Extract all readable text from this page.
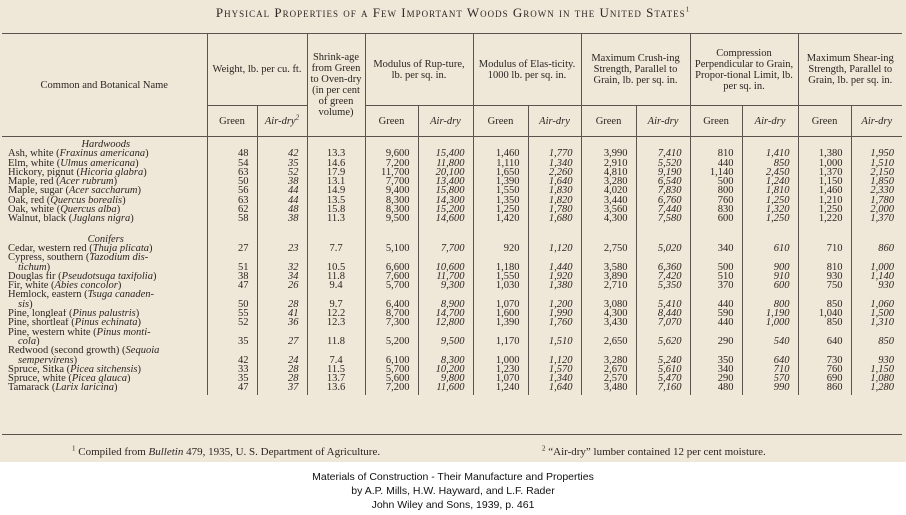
Physical Properties of a Few Important Woods Grown in the United States$^1$
Common and Botanical Name	Weight, lb. per cu. ft.		Shrink-age from Green to Oven-dry (in per cent of green volume)	Modulus of Rup-ture, lb. per sq. in.		Modulus of Elas-ticity. 1000 lb. per sq. in.		Maximum Crush-ing Strength, Parallel to Grain, lb. per sq. in.		Compression Perpendicular to Grain, Propor-tional Limit, lb. per sq. in.		Maximum Shear-ing Strength, Parallel to Grain, lb. per sq. in.	
	Green	Air-dry$^2$		Green	Air-dry	Green	Air-dry	Green	Air-dry	Green	Air-dry	Green	Air-dry
Hardwoods													

Ash, white (Fraxinus americana)	48	42	13.3	9,600	15,400	1,460	1,770	3,990	7,410	810	1,410	1,380	1,950

Elm, white (Ulmus americana)	54	35	14.6	7,200	11,800	1,110	1,340	2,910	5,520	440	850	1,000	1,510

Hickory, pignut (Hicoria glabra)	63	52	17.9	11,700	20,100	1,650	2,260	4,810	9,190	1,140	2,450	1,370	2,150

Maple, red (Acer rubrum)	50	38	13.1	7,700	13,400	1,390	1,640	3,280	6,540	500	1,240	1,150	1,850

Maple, sugar (Acer saccharum)	56	44	14.9	9,400	15,800	1,550	1,830	4,020	7,830	800	1,810	1,460	2,330

Oak, red (Quercus borealis)	63	44	13.5	8,300	14,300	1,350	1,820	3,440	6,760	760	1,250	1,210	1,780

Oak, white (Quercus alba)	62	48	15.8	8,300	15,200	1,250	1,780	3,560	7,440	830	1,320	1,250	2,000

Walnut, black (Juglans nigra)	58	38	11.3	9,500	14,600	1,420	1,680	4,300	7,580	600	1,250	1,220	1,370

Conifers													

Cedar, western red (Thuja plicata)	27	23	7.7	5,100	7,700	920	1,120	2,750	5,020	340	610	710	860

Cypress, southern (Tazodium dis-
tichum)	51	32	10.5	6,600	10,600	1,180	1,440	3,580	6,360	500	900	810	1,000

Douglas fir (Pseudotsuga taxifolia)	38	34	11.8	7,600	11,700	1,550	1,920	3,890	7,420	510	910	930	1,140

Fir, white (Abies concolor)	47	26	9.4	5,700	9,300	1,030	1,380	2,710	5,350	370	600	750	930

Hemlock, eastern (Tsuga canaden-
sis)	50	28	9.7	6,400	8,900	1,070	1,200	3,080	5,410	440	800	850	1,060

Pine, longleaf (Pinus palustris)	55	41	12.2	8,700	14,700	1,600	1,990	4,300	8,440	590	1,190	1,040	1,500

Pine, shortleaf (Pinus echinata)	52	36	12.3	7,300	12,800	1,390	1,760	3,430	7,070	440	1,000	850	1,310

Pine, western white (Pinus monti-
cola)	35	27	11.8	5,200	9,500	1,170	1,510	2,650	5,620	290	540	640	850

Redwood (second growth) (Sequoia
sempervirens)	42	24	7.4	6,100	8,300	1,000	1,120	3,280	5,240	350	640	730	930

Spruce, Sitka (Picea sitchensis)	33	28	11.5	5,700	10,200	1,230	1,570	2,670	5,610	340	710	760	1,150

Spruce, white (Picea glauca)	35	28	13.7	5,600	9,800	1,070	1,340	2,570	5,470	290	570	690	1,080

Tamarack (Larix laricina)	47	37	13.6	7,200	11,600	1,240	1,640	3,480	7,160	480	990	860	1,280
$^1$ Compiled from Bulletin 479, 1935, U. S. Department of Agriculture.	$^2$ “Air-dry” lumber contained 12 per cent moisture.
Materials of Construction - Their Manufacture and Properties
by A.P. Mills, H.W. Hayward, and L.F. Rader
John Wiley and Sons, 1939, p. 461
